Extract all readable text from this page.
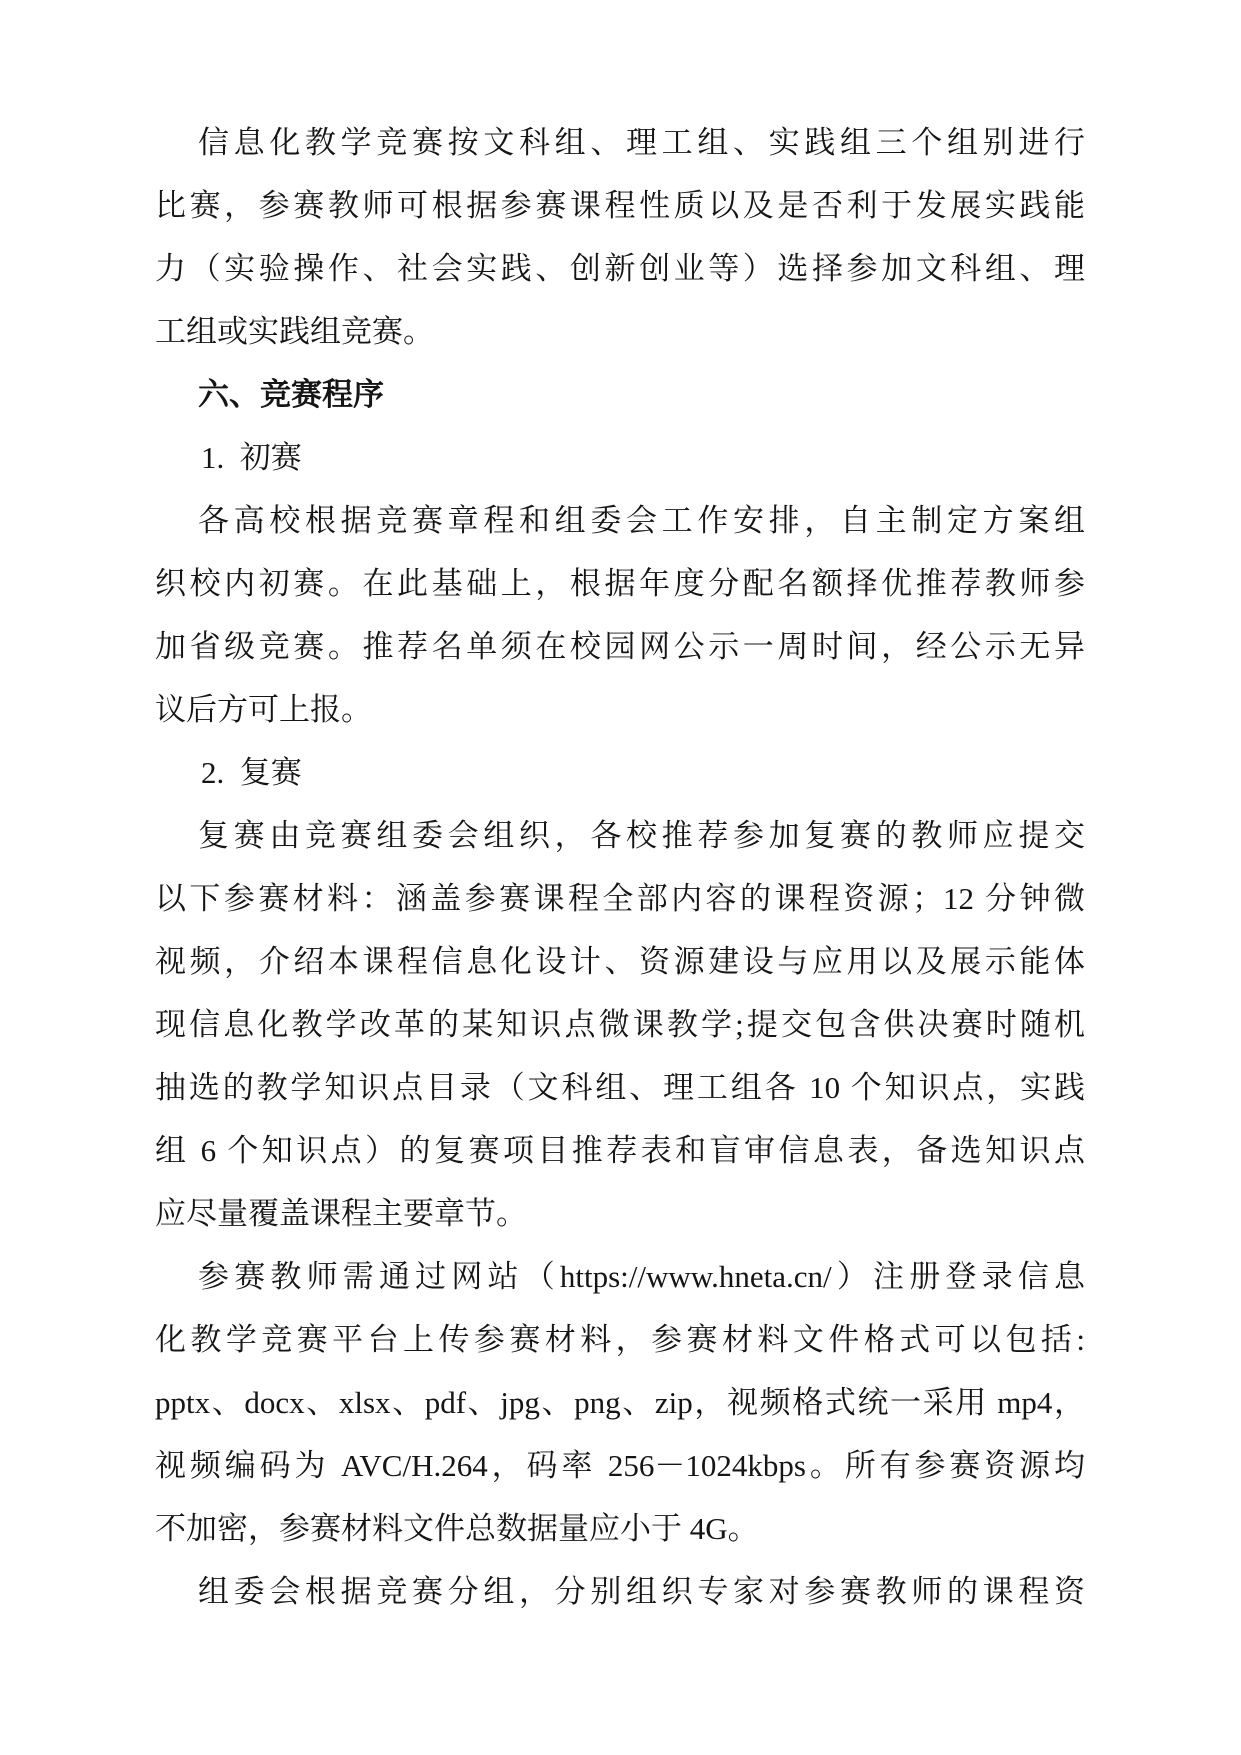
信息化教学竞赛按文科组、理工组、实践组三个组别进行
比赛，参赛教师可根据参赛课程性质以及是否利于发展实践能
力（实验操作、社会实践、创新创业等）选择参加文科组、理
工组或实践组竞赛。
六、竞赛程序
1. 初赛
各高校根据竞赛章程和组委会工作安排，自主制定方案组
织校内初赛。在此基础上，根据年度分配名额择优推荐教师参
加省级竞赛。推荐名单须在校园网公示一周时间，经公示无异
议后方可上报。
2. 复赛
复赛由竞赛组委会组织，各校推荐参加复赛的教师应提交
以下参赛材料：涵盖参赛课程全部内容的课程资源；12 分钟微
视频，介绍本课程信息化设计、资源建设与应用以及展示能体
现信息化教学改革的某知识点微课教学;提交包含供决赛时随机
抽选的教学知识点目录（文科组、理工组各 10 个知识点，实践
组 6 个知识点）的复赛项目推荐表和盲审信息表，备选知识点
应尽量覆盖课程主要章节。
参赛教师需通过网站（https://www.hneta.cn/）注册登录信息
化教学竞赛平台上传参赛材料，参赛材料文件格式可以包括:
pptx、docx、xlsx、pdf、jpg、png、zip，视频格式统一采用 mp4，
视频编码为 AVC/H.264，码率 256－1024kbps。所有参赛资源均
不加密，参赛材料文件总数据量应小于 4G。
组委会根据竞赛分组，分别组织专家对参赛教师的课程资
